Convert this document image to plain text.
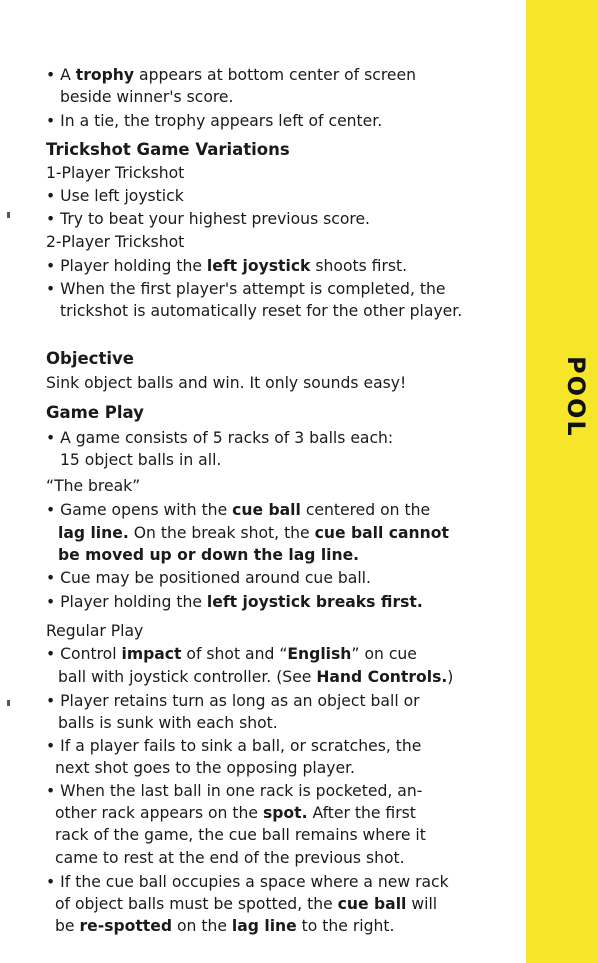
• A trophy appears at bottom center of screen
beside winner's score.
• In a tie, the trophy appears left of center.
Trickshot Game Variations
1-Player Trickshot
• Use left joystick
• Try to beat your highest previous score.
2-Player Trickshot
• Player holding the left joystick shoots first.
• When the first player's attempt is completed, the
trickshot is automatically reset for the other player.
Objective
Sink object balls and win. It only sounds easy!
Game Play
• A game consists of 5 racks of 3 balls each:
15 object balls in all.
“The break”
• Game opens with the cue ball centered on the
lag line. On the break shot, the cue ball cannot
be moved up or down the lag line.
• Cue may be positioned around cue ball.
• Player holding the left joystick breaks first.
Regular Play
• Control impact of shot and “English” on cue
ball with joystick controller. (See Hand Controls.)
• Player retains turn as long as an object ball or
balls is sunk with each shot.
• If a player fails to sink a ball, or scratches, the
next shot goes to the opposing player.
• When the last ball in one rack is pocketed, an-
other rack appears on the spot. After the first
rack of the game, the cue ball remains where it
came to rest at the end of the previous shot.
• If the cue ball occupies a space where a new rack
of object balls must be spotted, the cue ball will
be re-spotted on the lag line to the right.
POOL
